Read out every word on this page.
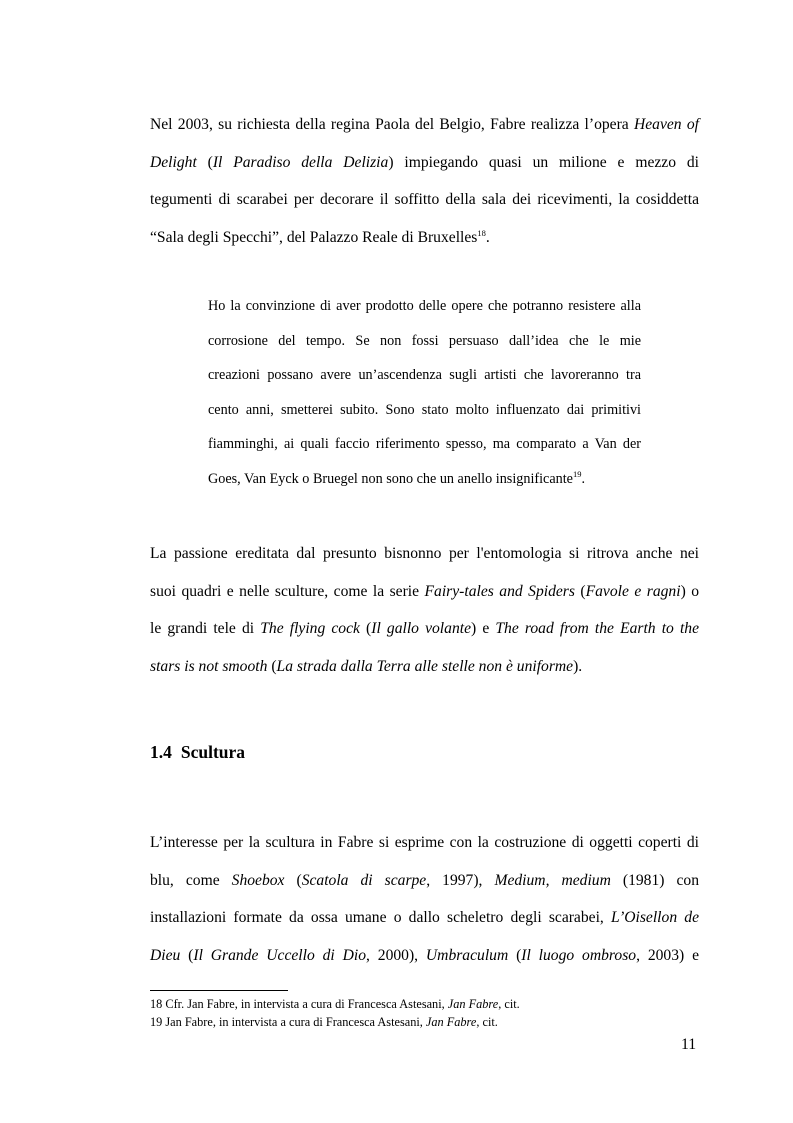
Nel 2003, su richiesta della regina Paola del Belgio, Fabre realizza l’opera Heaven of
Delight (Il Paradiso della Delizia) impiegando quasi un milione e mezzo di
tegumenti di scarabei per decorare il soffitto della sala dei ricevimenti, la cosiddetta
“Sala degli Specchi”, del Palazzo Reale di Bruxelles$^{18}$.
Ho la convinzione di aver prodotto delle opere che potranno resistere alla
corrosione del tempo. Se non fossi persuaso dall’idea che le mie
creazioni possano avere un’ascendenza sugli artisti che lavoreranno tra
cento anni, smetterei subito. Sono stato molto influenzato dai primitivi
fiamminghi, ai quali faccio riferimento spesso, ma comparato a Van der
Goes, Van Eyck o Bruegel non sono che un anello insignificante$^{19}$.
La passione ereditata dal presunto bisnonno per l'entomologia si ritrova anche nei
suoi quadri e nelle sculture, come la serie Fairy-tales and Spiders (Favole e ragni) o
le grandi tele di The flying cock (Il gallo volante) e The road from the Earth to the
stars is not smooth (La strada dalla Terra alle stelle non è uniforme).
1.4 Scultura
L’interesse per la scultura in Fabre si esprime con la costruzione di oggetti coperti di
blu, come Shoebox (Scatola di scarpe, 1997), Medium, medium (1981) con
installazioni formate da ossa umane o dallo scheletro degli scarabei, L’Oisellon de
Dieu (Il Grande Uccello di Dio, 2000), Umbraculum (Il luogo ombroso, 2003) e
18 Cfr. Jan Fabre, in intervista a cura di Francesca Astesani, Jan Fabre, cit.
19 Jan Fabre, in intervista a cura di Francesca Astesani, Jan Fabre, cit.
11
